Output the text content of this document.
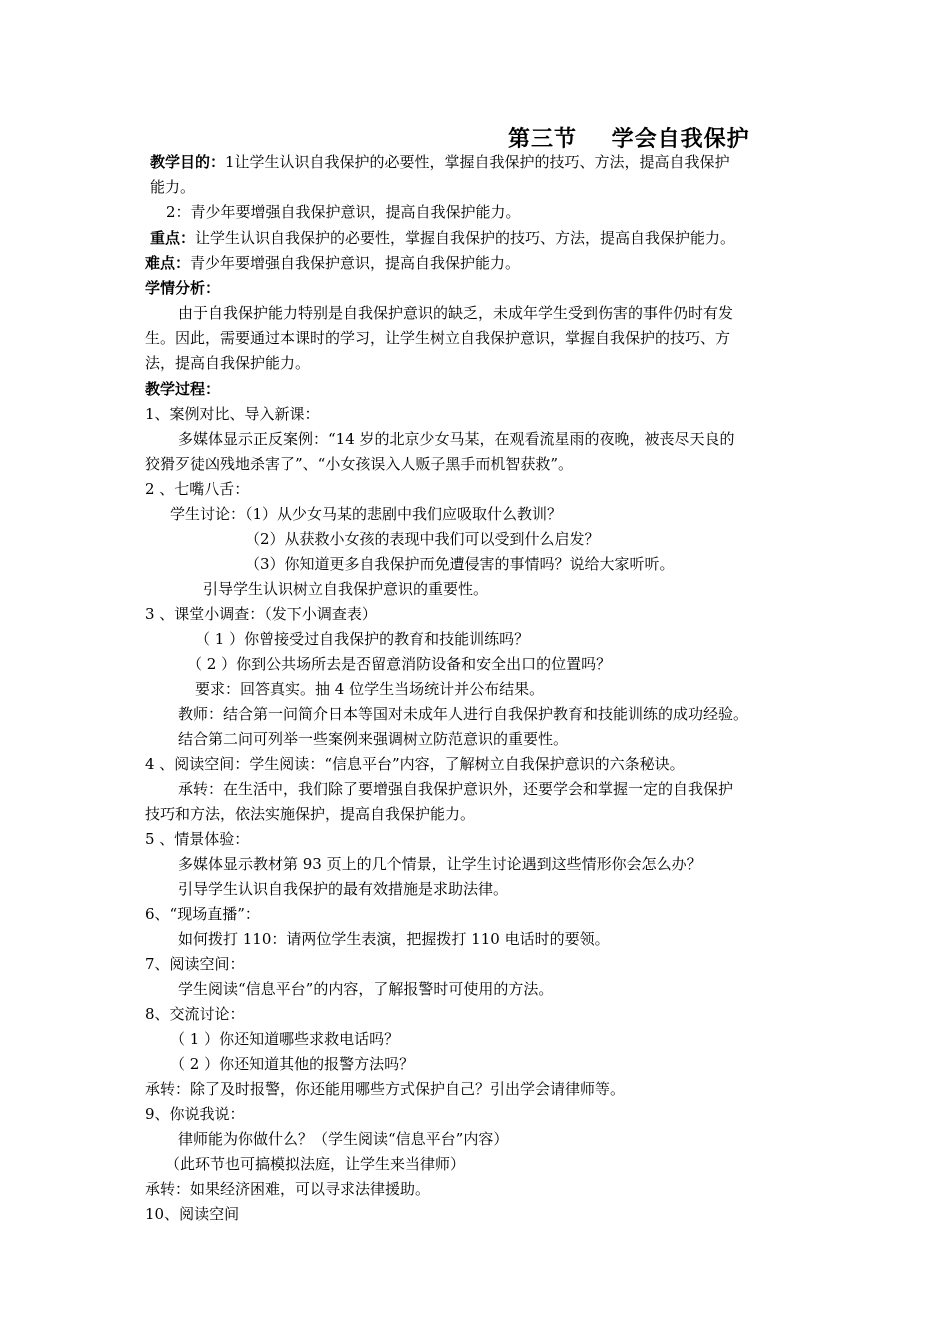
第三节    学会自我保护
教学目的：1让学生认识自我保护的必要性，掌握自我保护的技巧、方法，提高自我保护
能力。
2：青少年要增强自我保护意识，提高自我保护能力。
重点：让学生认识自我保护的必要性，掌握自我保护的技巧、方法，提高自我保护能力。
难点：青少年要增强自我保护意识，提高自我保护能力。
学情分析：
由于自我保护能力特别是自我保护意识的缺乏，未成年学生受到伤害的事件仍时有发
生。因此，需要通过本课时的学习，让学生树立自我保护意识，掌握自我保护的技巧、方
法，提高自我保护能力。
教学过程：
1、案例对比、导入新课：
多媒体显示正反案例：“14 岁的北京少女马某，在观看流星雨的夜晚，被丧尽天良的
狡猾歹徒凶残地杀害了”、“小女孩误入人贩子黑手而机智获救”。
2 、七嘴八舌：
学生讨论：（1）从少女马某的悲剧中我们应吸取什么教训？
（2）从获救小女孩的表现中我们可以受到什么启发？
（3）你知道更多自我保护而免遭侵害的事情吗？说给大家听听。
引导学生认识树立自我保护意识的重要性。
3 、课堂小调查：（发下小调查表）
（ 1 ）你曾接受过自我保护的教育和技能训练吗？
（ 2 ）你到公共场所去是否留意消防设备和安全出口的位置吗？
要求：回答真实。抽 4 位学生当场统计并公布结果。
教师：结合第一问简介日本等国对未成年人进行自我保护教育和技能训练的成功经验。
结合第二问可列举一些案例来强调树立防范意识的重要性。
4 、阅读空间：学生阅读：“信息平台”内容，了解树立自我保护意识的六条秘诀。
承转：在生活中，我们除了要增强自我保护意识外，还要学会和掌握一定的自我保护
技巧和方法，依法实施保护，提高自我保护能力。
5 、情景体验：
多媒体显示教材第 93 页上的几个情景，让学生讨论遇到这些情形你会怎么办？
引导学生认识自我保护的最有效措施是求助法律。
6、“现场直播”：
如何拨打 110：请两位学生表演，把握拨打 110 电话时的要领。
7、阅读空间：
学生阅读“信息平台”的内容，了解报警时可使用的方法。
8、交流讨论：
（ 1 ）你还知道哪些求救电话吗？
（ 2 ）你还知道其他的报警方法吗？
承转：除了及时报警，你还能用哪些方式保护自己？引出学会请律师等。
9、你说我说：
律师能为你做什么？（学生阅读“信息平台”内容）
（此环节也可搞模拟法庭，让学生来当律师）
承转：如果经济困难，可以寻求法律援助。
10、阅读空间
